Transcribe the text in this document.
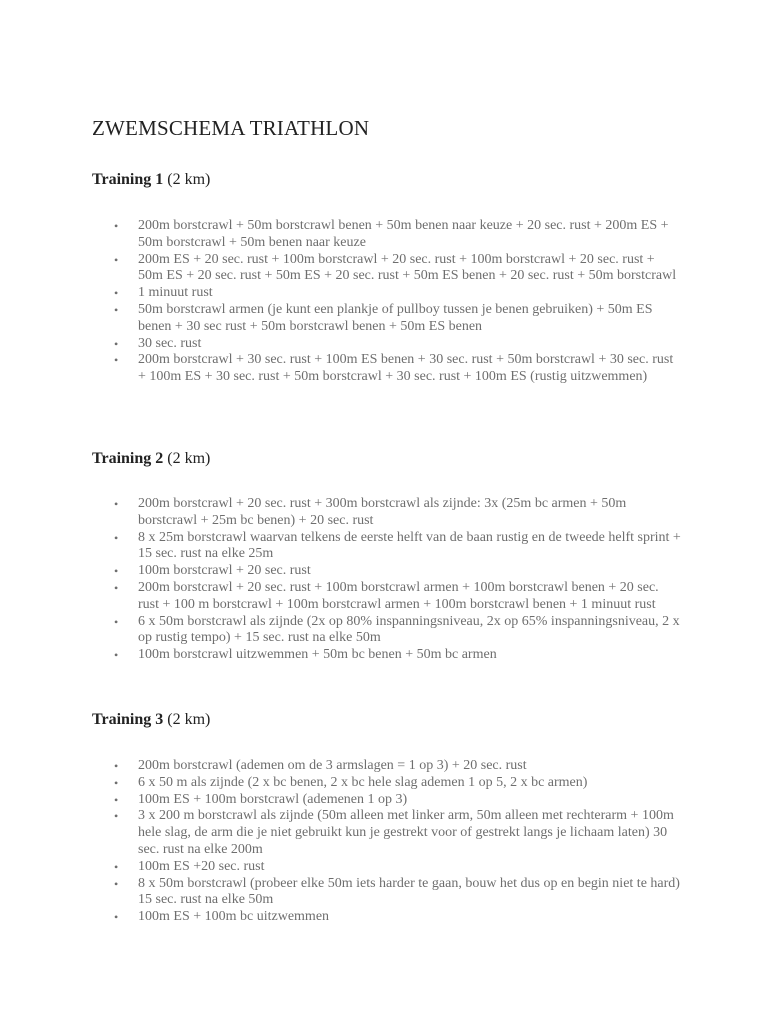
ZWEMSCHEMA TRIATHLON
Training 1 (2 km)
• 200m borstcrawl + 50m borstcrawl benen + 50m benen naar keuze + 20 sec. rust + 200m ES + 50m borstcrawl + 50m benen naar keuze
• 200m ES + 20 sec. rust + 100m borstcrawl + 20 sec. rust + 100m borstcrawl + 20 sec. rust + 50m ES + 20 sec. rust + 50m ES + 20 sec. rust + 50m ES benen + 20 sec. rust + 50m borstcrawl
• 1 minuut rust
• 50m borstcrawl armen (je kunt een plankje of pullboy tussen je benen gebruiken) + 50m ES benen + 30 sec rust + 50m borstcrawl benen + 50m ES benen
• 30 sec. rust
• 200m borstcrawl + 30 sec. rust + 100m ES benen + 30 sec. rust + 50m borstcrawl + 30 sec. rust + 100m ES + 30 sec. rust + 50m borstcrawl + 30 sec. rust + 100m ES (rustig uitzwemmen)
Training 2 (2 km)
• 200m borstcrawl + 20 sec. rust + 300m borstcrawl als zijnde: 3x (25m bc armen + 50m borstcrawl + 25m bc benen) + 20 sec. rust
• 8 x 25m borstcrawl waarvan telkens de eerste helft van de baan rustig en de tweede helft sprint + 15 sec. rust na elke 25m
• 100m borstcrawl + 20 sec. rust
• 200m borstcrawl + 20 sec. rust + 100m borstcrawl armen + 100m borstcrawl benen + 20 sec. rust + 100 m borstcrawl + 100m borstcrawl armen + 100m borstcrawl benen + 1 minuut rust
• 6 x 50m borstcrawl als zijnde (2x op 80% inspanningsniveau, 2x op 65% inspanningsniveau, 2 x op rustig tempo) + 15 sec. rust na elke 50m
• 100m borstcrawl uitzwemmen + 50m bc benen + 50m bc armen
Training 3 (2 km)
• 200m borstcrawl (ademen om de 3 armslagen = 1 op 3) + 20 sec. rust
• 6 x 50 m als zijnde (2 x bc benen, 2 x bc hele slag ademen 1 op 5, 2 x bc armen)
• 100m ES + 100m borstcrawl (ademenen 1 op 3)
• 3 x 200 m borstcrawl als zijnde (50m alleen met linker arm, 50m alleen met rechterarm + 100m hele slag, de arm die je niet gebruikt kun je gestrekt voor of gestrekt langs je lichaam laten) 30 sec. rust na elke 200m
• 100m ES +20 sec. rust
• 8 x 50m borstcrawl (probeer elke 50m iets harder te gaan, bouw het dus op en begin niet te hard) 15 sec. rust na elke 50m
• 100m ES + 100m bc uitzwemmen
